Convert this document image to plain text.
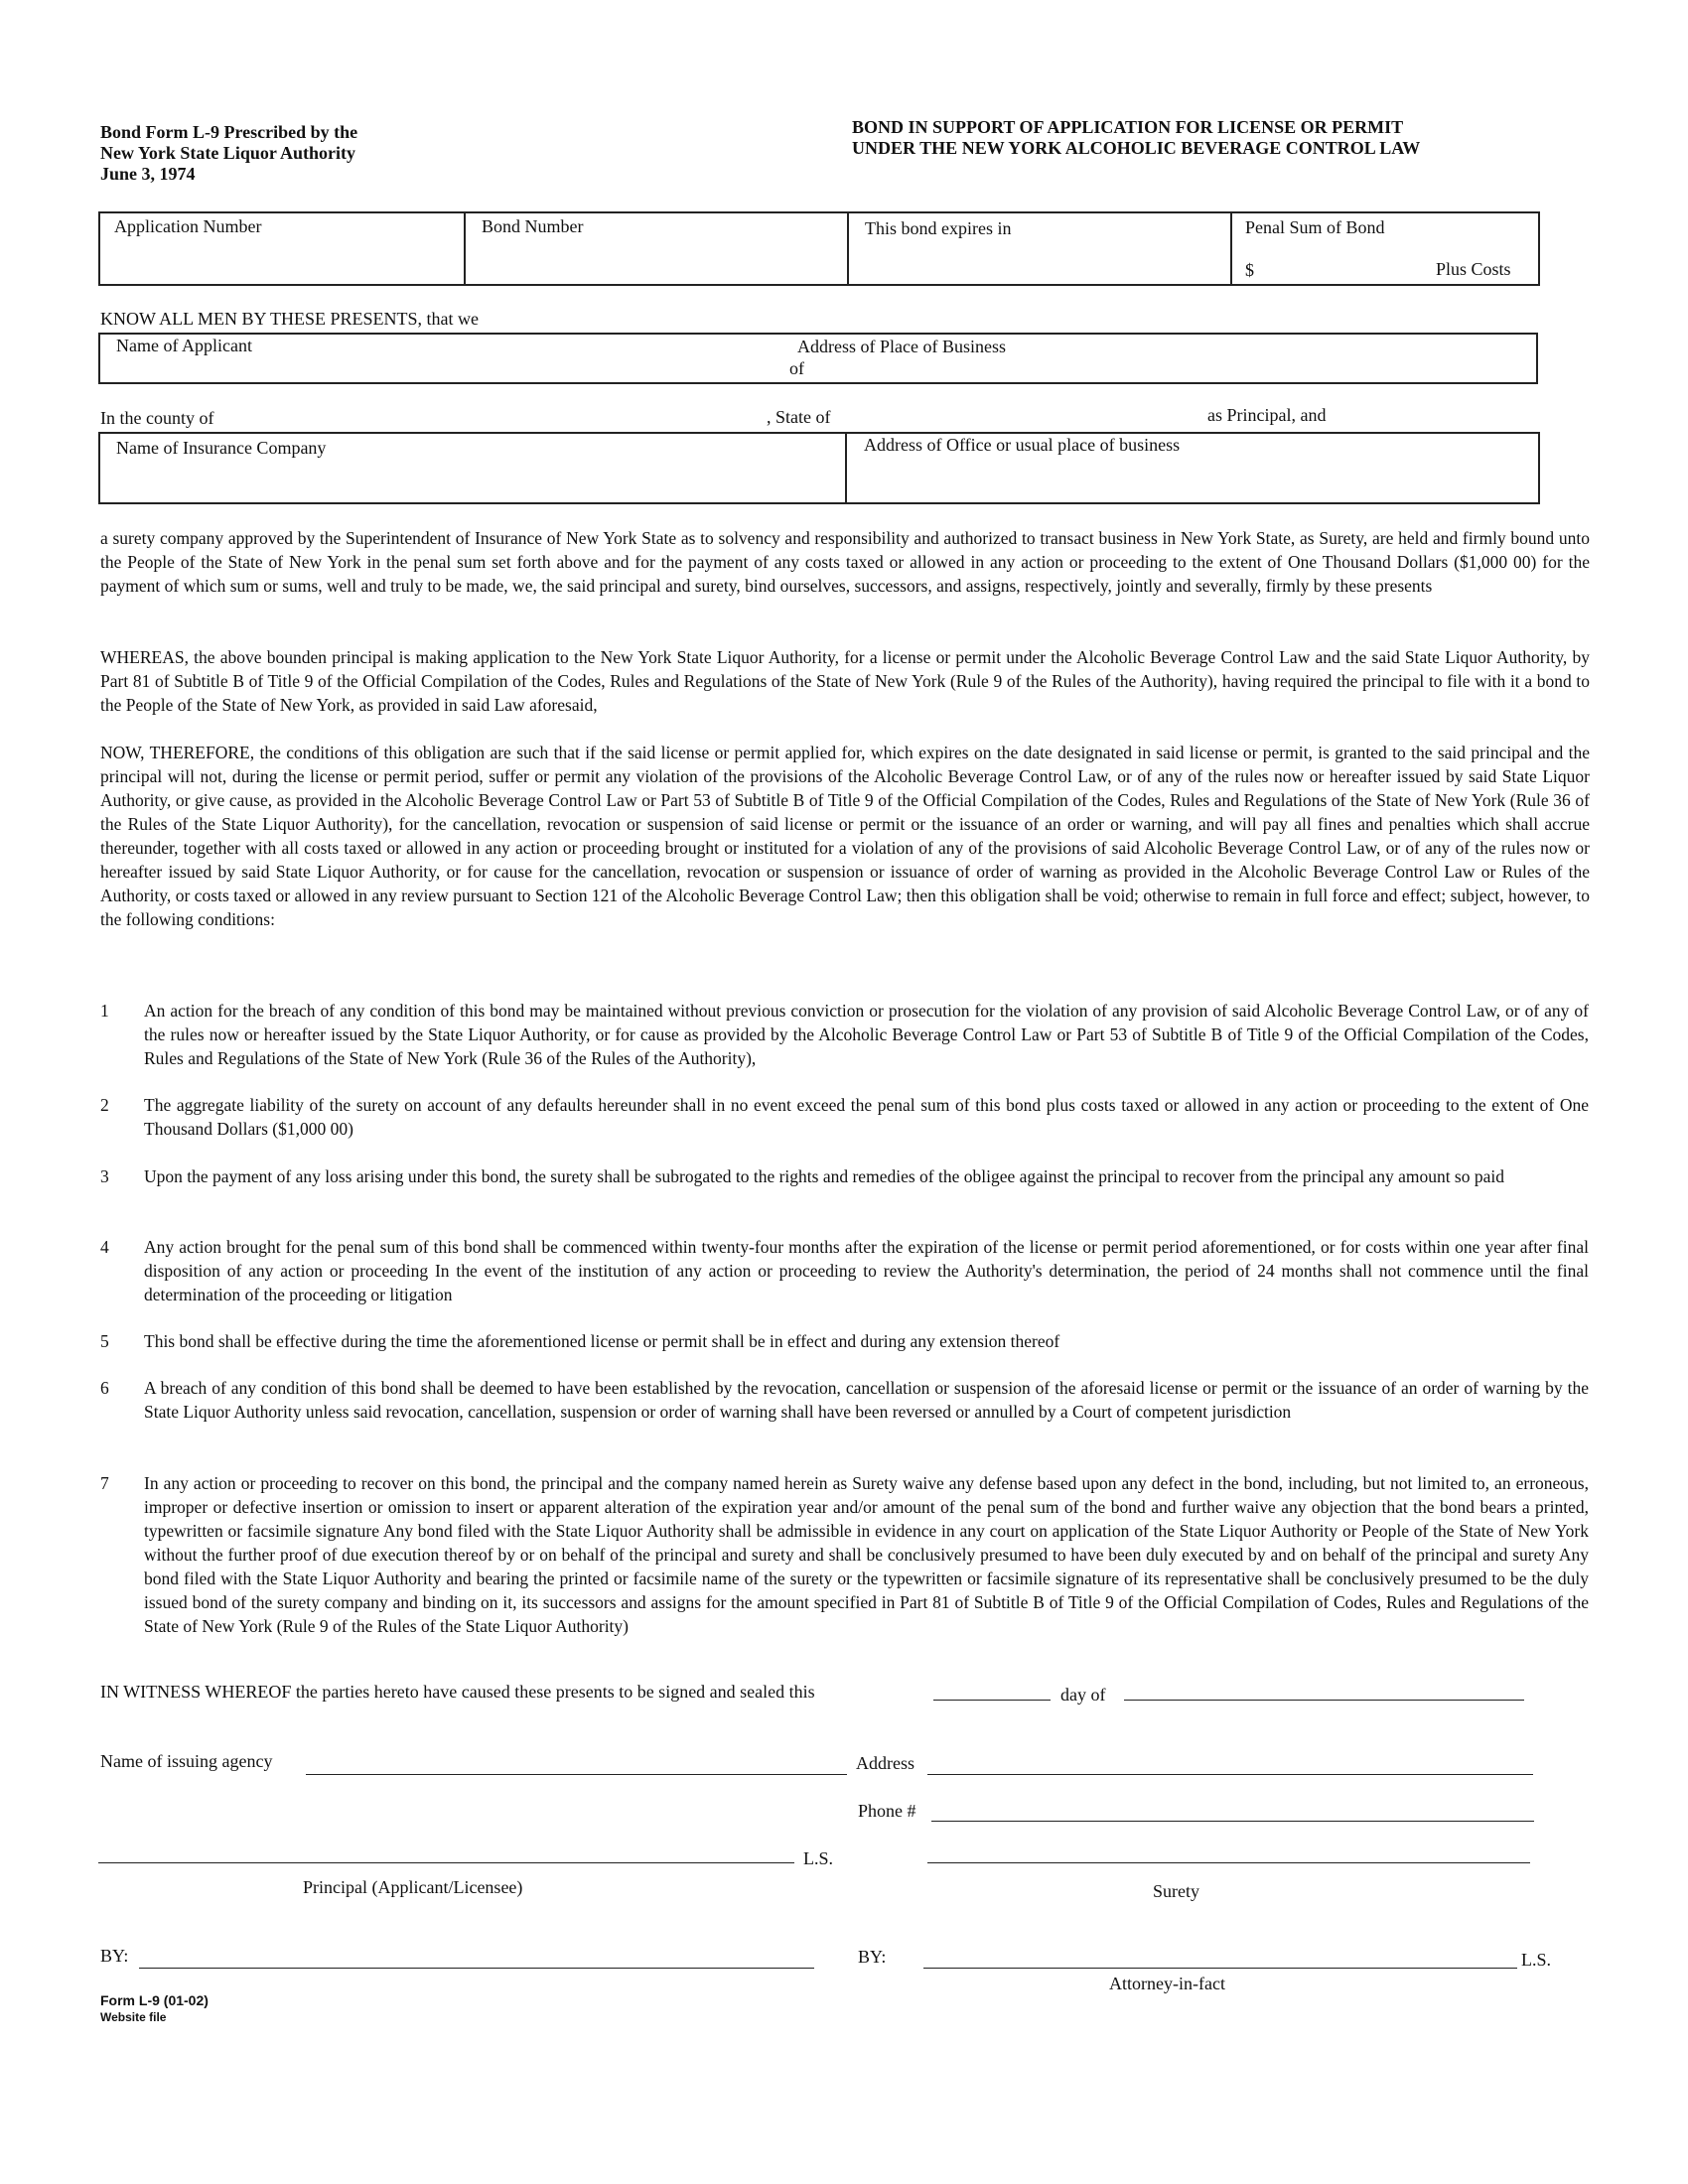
Bond Form L-9 Prescribed by the
New York State Liquor Authority
June 3, 1974
BOND IN SUPPORT OF APPLICATION FOR LICENSE OR PERMIT
UNDER THE NEW YORK ALCOHOLIC BEVERAGE CONTROL LAW
Application Number	Bond Number	This bond expires in	Penal Sum of Bond
$	Plus Costs
KNOW ALL MEN BY THESE PRESENTS, that we
Name of Applicant	Address of Place of Business
of
In the county of	, State of	as Principal, and
Name of Insurance Company	Address of Office or usual place of business
a surety company approved by the Superintendent of Insurance of New York State as to solvency and responsibility and authorized to transact business in New York State, as Surety, are held and firmly bound unto the People of the State of New York in the penal sum set forth above and for the payment of any costs taxed or allowed in any action or proceeding to the extent of One Thousand Dollars ($1,000 00) for the payment of which sum or sums, well and truly to be made, we, the said principal and surety, bind ourselves, successors, and assigns, respectively, jointly and severally, firmly by these presents
WHEREAS, the above bounden principal is making application to the New York State Liquor Authority, for a license or permit under the Alcoholic Beverage Control Law and the said State Liquor Authority, by Part 81 of Subtitle B of Title 9 of the Official Compilation of the Codes, Rules and Regulations of the State of New York (Rule 9 of the Rules of the Authority), having required the principal to file with it a bond to the People of the State of New York, as provided in said Law aforesaid,
NOW, THEREFORE, the conditions of this obligation are such that if the said license or permit applied for, which expires on the date designated in said license or permit, is granted to the said principal and the principal will not, during the license or permit period, suffer or permit any violation of the provisions of the Alcoholic Beverage Control Law, or of any of the rules now or hereafter issued by said State Liquor Authority, or give cause, as provided in the Alcoholic Beverage Control Law or Part 53 of Subtitle B of Title 9 of the Official Compilation of the Codes, Rules and Regulations of the State of New York (Rule 36 of the Rules of the State Liquor Authority), for the cancellation, revocation or suspension of said license or permit or the issuance of an order or warning, and will pay all fines and penalties which shall accrue thereunder, together with all costs taxed or allowed in any action or proceeding brought or instituted for a violation of any of the provisions of said Alcoholic Beverage Control Law, or of any of the rules now or hereafter issued by said State Liquor Authority, or for cause for the cancellation, revocation or suspension or issuance of order of warning as provided in the Alcoholic Beverage Control Law or Rules of the Authority, or costs taxed or allowed in any review pursuant to Section 121 of the Alcoholic Beverage Control Law; then this obligation shall be void; otherwise to remain in full force and effect; subject, however, to the following conditions:
1 An action for the breach of any condition of this bond may be maintained without previous conviction or prosecution for the violation of any provision of said Alcoholic Beverage Control Law, or of any of the rules now or hereafter issued by the State Liquor Authority, or for cause as provided by the Alcoholic Beverage Control Law or Part 53 of Subtitle B of Title 9 of the Official Compilation of the Codes, Rules and Regulations of the State of New York (Rule 36 of the Rules of the Authority),
2 The aggregate liability of the surety on account of any defaults hereunder shall in no event exceed the penal sum of this bond plus costs taxed or allowed in any action or proceeding to the extent of One Thousand Dollars ($1,000 00)
3 Upon the payment of any loss arising under this bond, the surety shall be subrogated to the rights and remedies of the obligee against the principal to recover from the principal any amount so paid
4 Any action brought for the penal sum of this bond shall be commenced within twenty-four months after the expiration of the license or permit period aforementioned, or for costs within one year after final disposition of any action or proceeding In the event of the institution of any action or proceeding to review the Authority's determination, the period of 24 months shall not commence until the final determination of the proceeding or litigation
5 This bond shall be effective during the time the aforementioned license or permit shall be in effect and during any extension thereof
6 A breach of any condition of this bond shall be deemed to have been established by the revocation, cancellation or suspension of the aforesaid license or permit or the issuance of an order of warning by the State Liquor Authority unless said revocation, cancellation, suspension or order of warning shall have been reversed or annulled by a Court of competent jurisdiction
7 In any action or proceeding to recover on this bond, the principal and the company named herein as Surety waive any defense based upon any defect in the bond, including, but not limited to, an erroneous, improper or defective insertion or omission to insert or apparent alteration of the expiration year and/or amount of the penal sum of the bond and further waive any objection that the bond bears a printed, typewritten or facsimile signature Any bond filed with the State Liquor Authority shall be admissible in evidence in any court on application of the State Liquor Authority or People of the State of New York without the further proof of due execution thereof by or on behalf of the principal and surety and shall be conclusively presumed to have been duly executed by and on behalf of the principal and surety Any bond filed with the State Liquor Authority and bearing the printed or facsimile name of the surety or the typewritten or facsimile signature of its representative shall be conclusively presumed to be the duly issued bond of the surety company and binding on it, its successors and assigns for the amount specified in Part 81 of Subtitle B of Title 9 of the Official Compilation of Codes, Rules and Regulations of the State of New York (Rule 9 of the Rules of the State Liquor Authority)
IN WITNESS WHEREOF the parties hereto have caused these presents to be signed and sealed this	day of
Name of issuing agency	Address
Phone #
L.S.
Principal (Applicant/Licensee)	Surety
BY:	BY:	L.S.
Attorney-in-fact
Form L-9 (01-02)
Website file
